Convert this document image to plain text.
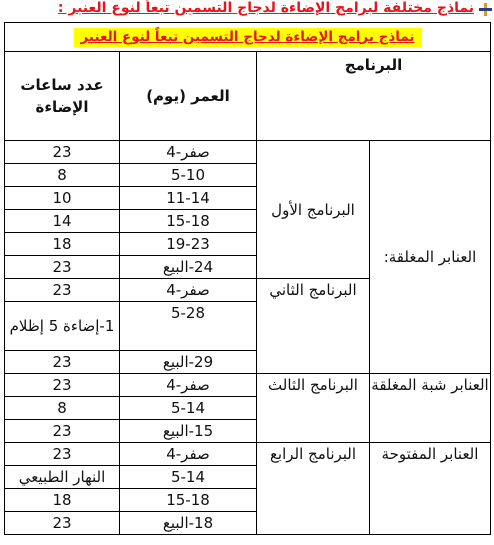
نماذج مختلفة لبرامج الإضاءة لدجاج التسمين تبعاً لنوع العنبر :
نماذج برامج الإضاءة لدجاج التسمين تبعاً لنوع العنبر			

البرنامج		العمر (يوم)	عدد ساعات الإضاءة
العنابر المغلقة:	البرنامج الأول	صفر-4	23
		5-10	8
		11-14	10
		15-18	14
		19-23	18
		24-البيع	23
	البرنامج الثاني	صفر-4	23
		5-28	1-إضاءة 5 إظلام
		29-البيع	23
العنابر شبة المغلقة	البرنامج الثالث	صفر-4	23
		5-14	8
		15-البيع	23
العنابر المفتوحة	البرنامج الرابع	صفر-4	23
		5-14	النهار الطبيعي
		15-18	18
		18-البيع	23
